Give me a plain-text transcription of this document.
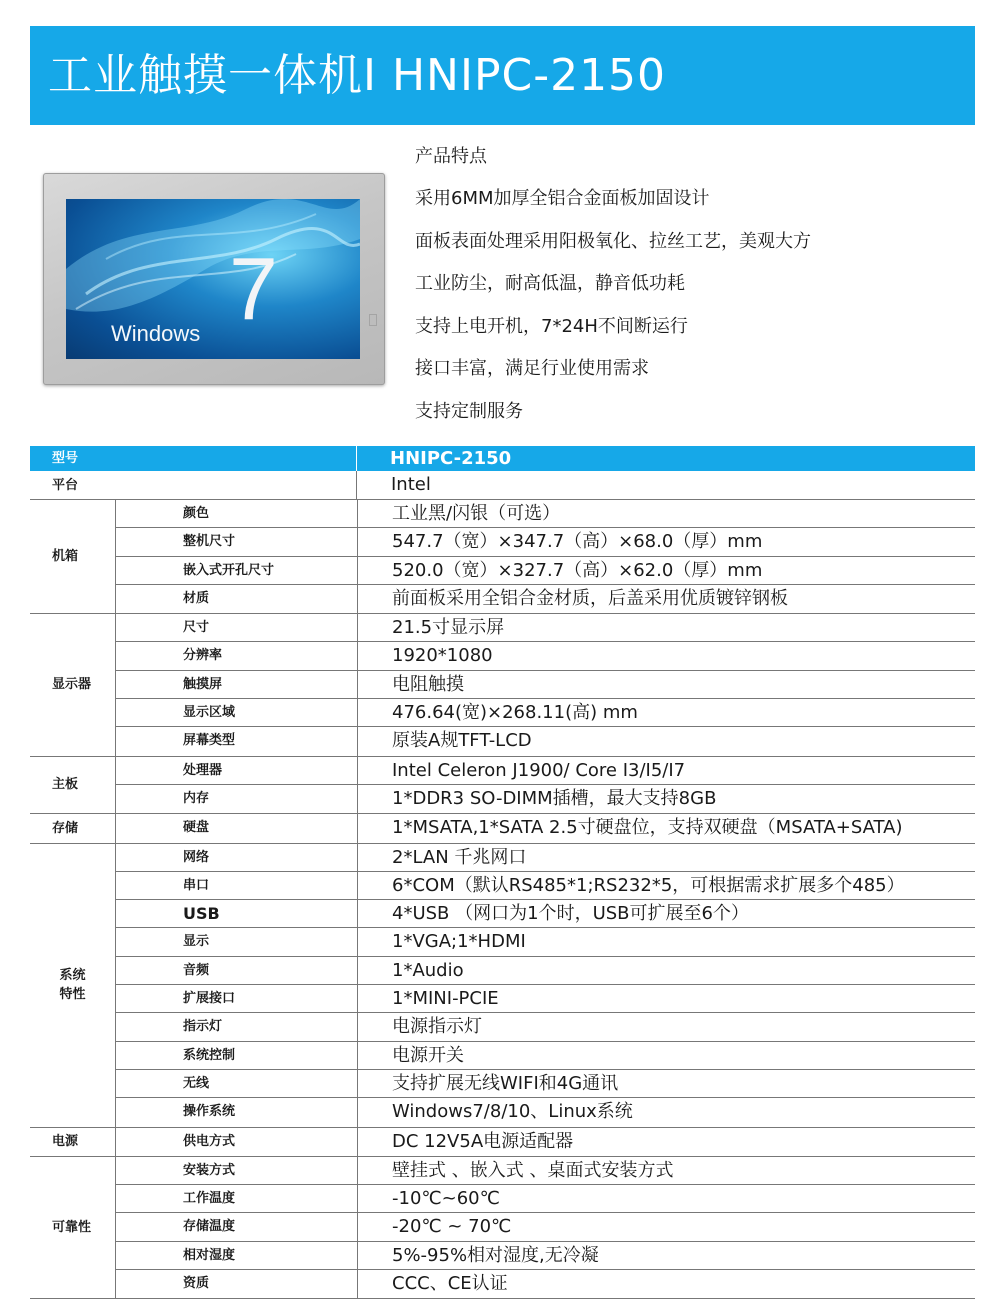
工业触摸一体机I HNIPC-2150
Windows 7
产品特点
采用6MM加厚全铝合金面板加固设计
面板表面处理采用阳极氧化、拉丝工艺，美观大方
工业防尘，耐高低温，静音低功耗
支持上电开机，7*24H不间断运行
接口丰富，满足行业使用需求
支持定制服务
型号	HNIPC-2150
平台	Intel
机箱
颜色	工业黑/闪银（可选）
整机尺寸	547.7（宽）×347.7（高）×68.0（厚）mm
嵌入式开孔尺寸	520.0（宽）×327.7（高）×62.0（厚）mm
材质	前面板采用全铝合金材质，后盖采用优质镀锌钢板
显示器
尺寸	21.5寸显示屏
分辨率	1920*1080
触摸屏	电阻触摸
显示区域	476.64(宽)×268.11(高) mm
屏幕类型	原装A规TFT-LCD
主板
处理器	Intel Celeron J1900/ Core I3/I5/I7
内存	1*DDR3 SO-DIMM插槽，最大支持8GB
存储	硬盘	1*MSATA,1*SATA 2.5寸硬盘位，支持双硬盘（MSATA+SATA)
系统
特性
网络	2*LAN 千兆网口
串口	6*COM（默认RS485*1;RS232*5，可根据需求扩展多个485）
USB	4*USB （网口为1个时，USB可扩展至6个）
显示	1*VGA;1*HDMI
音频	1*Audio
扩展接口	1*MINI-PCIE
指示灯	电源指示灯
系统控制	电源开关
无线	支持扩展无线WIFI和4G通讯
操作系统	Windows7/8/10、Linux系统
电源	供电方式	DC 12V5A电源适配器
可靠性
安装方式	壁挂式 、嵌入式 、桌面式安装方式
工作温度	-10℃~60℃
存储温度	-20℃ ~ 70℃
相对湿度	5%-95%相对湿度,无冷凝
资质	CCC、CE认证
